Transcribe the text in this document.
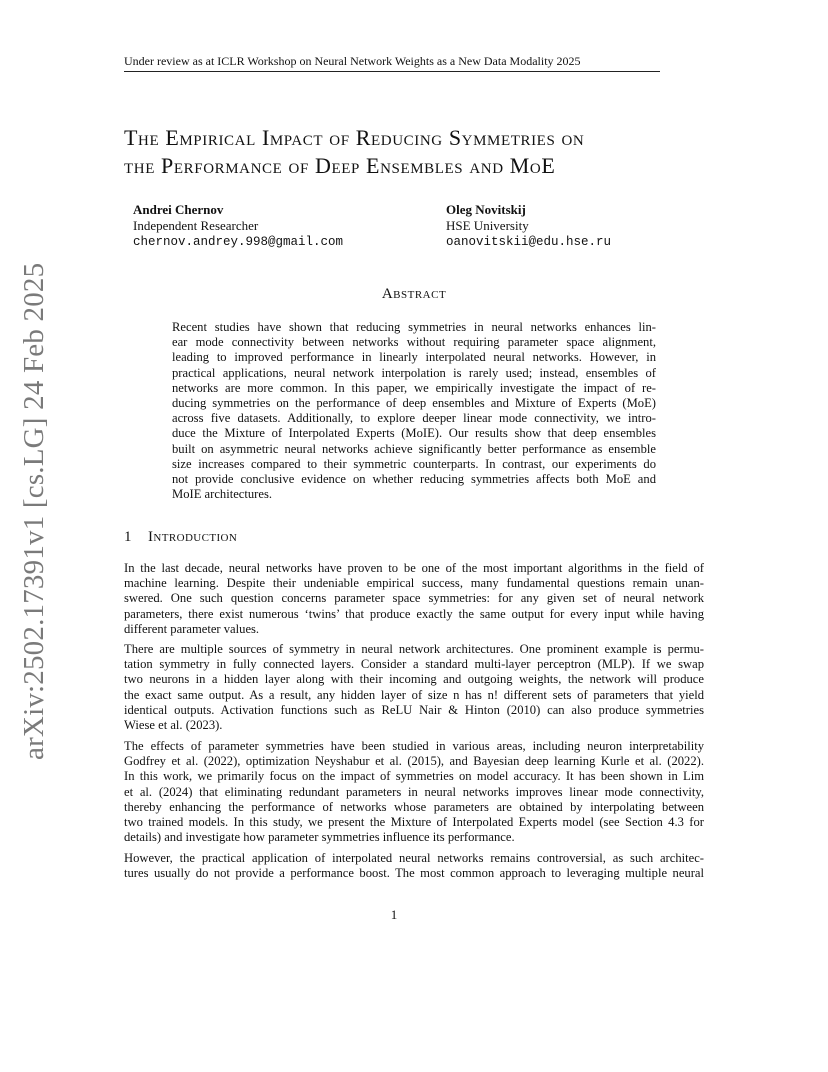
Under review as at ICLR Workshop on Neural Network Weights as a New Data Modality 2025
arXiv:2502.17391v1 [cs.LG] 24 Feb 2025
The Empirical Impact of Reducing Symmetries on
the Performance of Deep Ensembles and MoE
Andrei Chernov
Independent Researcher
chernov.andrey.998@gmail.com
Oleg Novitskij
HSE University
oanovitskii@edu.hse.ru
Abstract
Recent studies have shown that reducing symmetries in neural networks enhances lin-
ear mode connectivity between networks without requiring parameter space alignment,
leading to improved performance in linearly interpolated neural networks. However, in
practical applications, neural network interpolation is rarely used; instead, ensembles of
networks are more common. In this paper, we empirically investigate the impact of re-
ducing symmetries on the performance of deep ensembles and Mixture of Experts (MoE)
across five datasets. Additionally, to explore deeper linear mode connectivity, we intro-
duce the Mixture of Interpolated Experts (MoIE). Our results show that deep ensembles
built on asymmetric neural networks achieve significantly better performance as ensemble
size increases compared to their symmetric counterparts. In contrast, our experiments do
not provide conclusive evidence on whether reducing symmetries affects both MoE and
MoIE architectures.
1 Introduction
In the last decade, neural networks have proven to be one of the most important algorithms in the field of
machine learning. Despite their undeniable empirical success, many fundamental questions remain unan-
swered. One such question concerns parameter space symmetries: for any given set of neural network
parameters, there exist numerous ‘twins’ that produce exactly the same output for every input while having
different parameter values.
There are multiple sources of symmetry in neural network architectures. One prominent example is permu-
tation symmetry in fully connected layers. Consider a standard multi-layer perceptron (MLP). If we swap
two neurons in a hidden layer along with their incoming and outgoing weights, the network will produce
the exact same output. As a result, any hidden layer of size n has n! different sets of parameters that yield
identical outputs. Activation functions such as ReLU Nair & Hinton (2010) can also produce symmetries
Wiese et al. (2023).
The effects of parameter symmetries have been studied in various areas, including neuron interpretability
Godfrey et al. (2022), optimization Neyshabur et al. (2015), and Bayesian deep learning Kurle et al. (2022).
In this work, we primarily focus on the impact of symmetries on model accuracy. It has been shown in Lim
et al. (2024) that eliminating redundant parameters in neural networks improves linear mode connectivity,
thereby enhancing the performance of networks whose parameters are obtained by interpolating between
two trained models. In this study, we present the Mixture of Interpolated Experts model (see Section 4.3 for
details) and investigate how parameter symmetries influence its performance.
However, the practical application of interpolated neural networks remains controversial, as such architec-
tures usually do not provide a performance boost. The most common approach to leveraging multiple neural
1
